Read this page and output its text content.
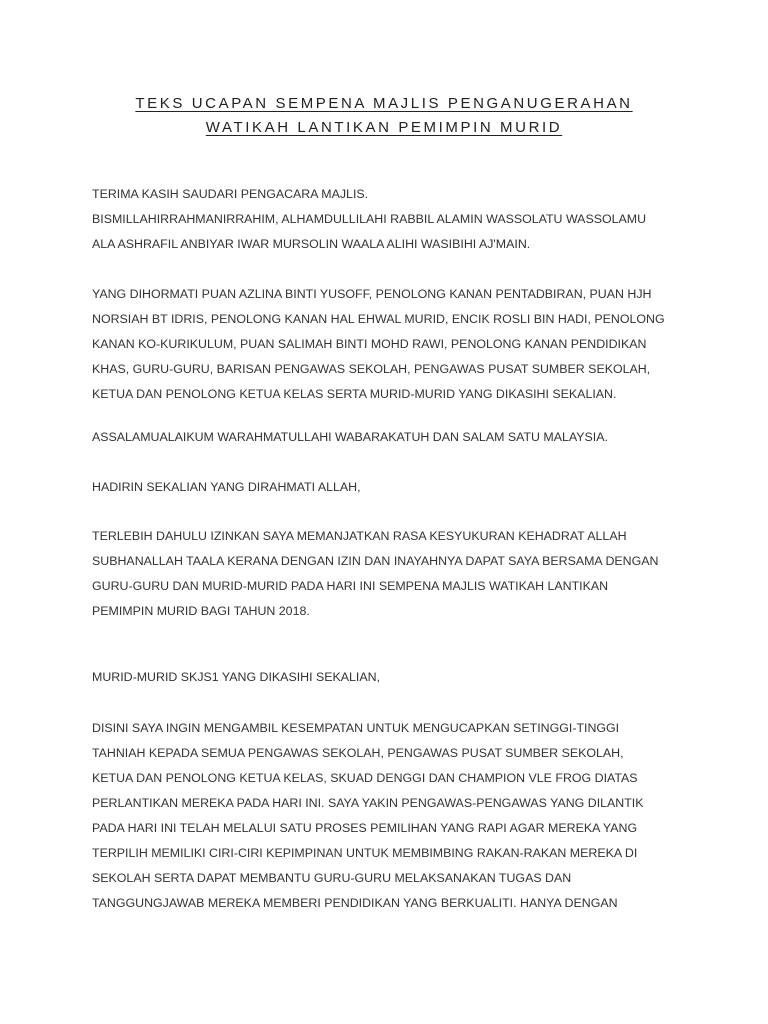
TEKS UCAPAN SEMPENA MAJLIS PENGANUGERAHAN
WATIKAH LANTIKAN PEMIMPIN MURID
TERIMA KASIH SAUDARI PENGACARA MAJLIS.
BISMILLAHIRRAHMANIRRAHIM, ALHAMDULLILAHI RABBIL ALAMIN WASSOLATU WASSOLAMU
ALA ASHRAFIL ANBIYAR IWAR MURSOLIN WAALA ALIHI WASIBIHI AJ'MAIN.
YANG DIHORMATI PUAN AZLINA BINTI YUSOFF, PENOLONG KANAN PENTADBIRAN, PUAN HJH
NORSIAH BT IDRIS, PENOLONG KANAN HAL EHWAL MURID, ENCIK ROSLI BIN HADI, PENOLONG
KANAN KO-KURIKULUM, PUAN SALIMAH BINTI MOHD RAWI, PENOLONG KANAN PENDIDIKAN
KHAS, GURU-GURU, BARISAN PENGAWAS SEKOLAH, PENGAWAS PUSAT SUMBER SEKOLAH,
KETUA DAN PENOLONG KETUA KELAS SERTA MURID-MURID YANG DIKASIHI SEKALIAN.
ASSALAMUALAIKUM WARAHMATULLAHI WABARAKATUH DAN SALAM SATU MALAYSIA.
HADIRIN SEKALIAN YANG DIRAHMATI ALLAH,
TERLEBIH DAHULU IZINKAN SAYA MEMANJATKAN RASA KESYUKURAN KEHADRAT ALLAH
SUBHANALLAH TAALA KERANA DENGAN IZIN DAN INAYAHNYA DAPAT SAYA BERSAMA DENGAN
GURU-GURU DAN MURID-MURID PADA HARI INI SEMPENA MAJLIS WATIKAH LANTIKAN
PEMIMPIN MURID BAGI TAHUN 2018.
MURID-MURID SKJS1 YANG DIKASIHI SEKALIAN,
DISINI SAYA INGIN MENGAMBIL KESEMPATAN UNTUK MENGUCAPKAN SETINGGI-TINGGI
TAHNIAH KEPADA SEMUA PENGAWAS SEKOLAH, PENGAWAS PUSAT SUMBER SEKOLAH,
KETUA DAN PENOLONG KETUA KELAS, SKUAD DENGGI DAN CHAMPION VLE FROG DIATAS
PERLANTIKAN MEREKA PADA HARI INI. SAYA YAKIN PENGAWAS-PENGAWAS YANG DILANTIK
PADA HARI INI TELAH MELALUI SATU PROSES PEMILIHAN YANG RAPI AGAR MEREKA YANG
TERPILIH MEMILIKI CIRI-CIRI KEPIMPINAN UNTUK MEMBIMBING RAKAN-RAKAN MEREKA DI
SEKOLAH SERTA DAPAT MEMBANTU GURU-GURU MELAKSANAKAN TUGAS DAN
TANGGUNGJAWAB MEREKA MEMBERI PENDIDIKAN YANG BERKUALITI. HANYA DENGAN
